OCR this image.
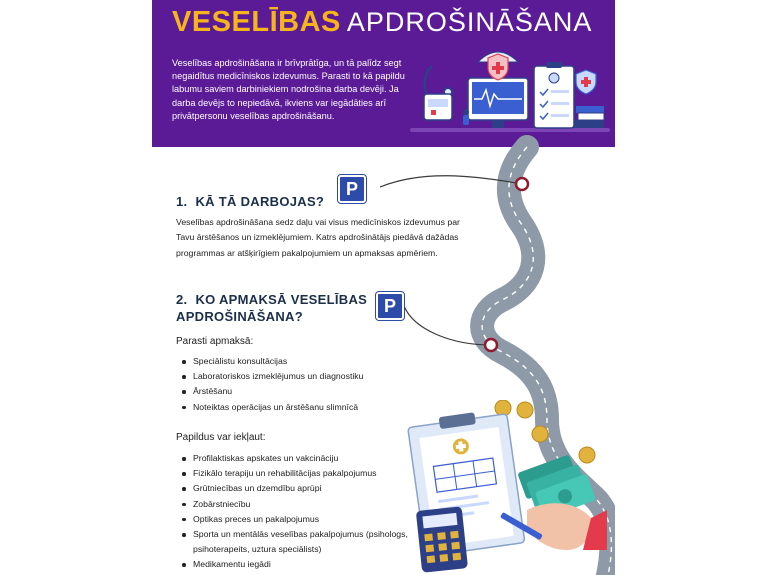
VESELĪBAS APDROŠINĀŠANA

Veselības apdrošināšana ir brīvprātīga, un tā palīdz segt negaidītus medicīniskos izdevumus. Parasti to kā papildu labumu saviem darbiniekiem nodrošina darba devēji. Ja darba devējs to nepiedāvā, ikviens var iegādāties arī privātpersonu veselības apdrošināšanu.

1. KĀ TĀ DARBOJAS?
P

Veselības apdrošināšana sedz daļu vai visus medicīniskos izdevumus par Tavu ārstēšanos un izmeklējumiem. Katrs apdrošinātājs piedāvā dažādas programmas ar atšķirīgiem pakalpojumiem un apmaksas apmēriem.

2. KO APMAKSĀ VESELĪBAS
APDROŠINĀŠANA?
P
Parasti apmaksā:
Speciālistu konsultācijas
Laboratoriskos izmeklējumus un diagnostiku
Ārstēšanu
Noteiktas operācijas un ārstēšanu slimnīcā
Papildus var iekļaut:
Profilaktiskas apskates un vakcināciju
Fizikālo terapiju un rehabilitācijas pakalpojumus
Grūtniecības un dzemdību aprūpi
Zobārstniecību
Optikas preces un pakalpojumus
Sporta un mentālās veselības pakalpojumus (psihologs, psihoterapeits, uztura speciālists)
Medikamentu iegādi
